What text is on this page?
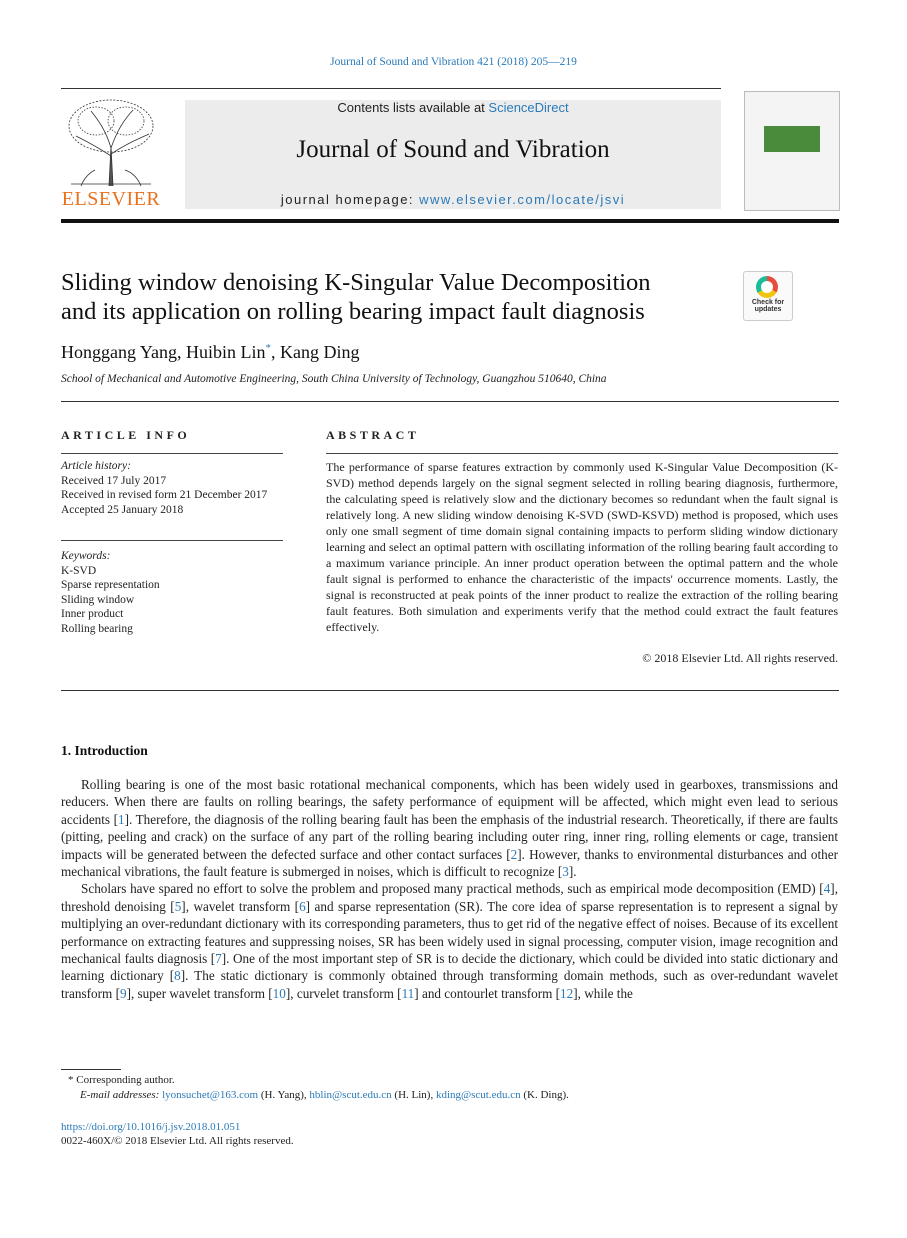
Journal of Sound and Vibration 421 (2018) 205—219
ELSEVIER
Contents lists available at ScienceDirect
Journal of Sound and Vibration
journal homepage: www.elsevier.com/locate/jsvi
Sliding window denoising K-Singular Value Decomposition
and its application on rolling bearing impact fault diagnosis	Check for updates
Honggang Yang, Huibin Lin*, Kang Ding
School of Mechanical and Automotive Engineering, South China University of Technology, Guangzhou 510640, China
ARTICLE INFO	ABSTRACT
Article history:
Received 17 July 2017
Received in revised form 21 December 2017
Accepted 25 January 2018
Keywords:
K-SVD
Sparse representation
Sliding window
Inner product
Rolling bearing
The performance of sparse features extraction by commonly used K-Singular Value Decomposition (K-SVD) method depends largely on the signal segment selected in rolling bearing diagnosis, furthermore, the calculating speed is relatively slow and the dictionary becomes so redundant when the fault signal is relatively long. A new sliding window denoising K-SVD (SWD-KSVD) method is proposed, which uses only one small segment of time domain signal containing impacts to perform sliding window dictionary learning and select an optimal pattern with oscillating information of the rolling bearing fault according to a maximum variance principle. An inner product operation between the optimal pattern and the whole fault signal is performed to enhance the characteristic of the impacts' occurrence moments. Lastly, the signal is reconstructed at peak points of the inner product to realize the extraction of the rolling bearing fault features. Both simulation and experiments verify that the method could extract the fault features effectively.
© 2018 Elsevier Ltd. All rights reserved.
1. Introduction

Rolling bearing is one of the most basic rotational mechanical components, which has been widely used in gearboxes, transmissions and reducers. When there are faults on rolling bearings, the safety performance of equipment will be affected, which might even lead to serious accidents [1]. Therefore, the diagnosis of the rolling bearing fault has been the emphasis of the industrial research. Theoretically, if there are faults (pitting, peeling and crack) on the surface of any part of the rolling bearing including outer ring, inner ring, rolling elements or cage, transient impacts will be generated between the defected surface and other contact surfaces [2]. However, thanks to environmental disturbances and other mechanical vibrations, the fault feature is submerged in noises, which is difficult to recognize [3].

Scholars have spared no effort to solve the problem and proposed many practical methods, such as empirical mode decomposition (EMD) [4], threshold denoising [5], wavelet transform [6] and sparse representation (SR). The core idea of sparse representation is to represent a signal by multiplying an over-redundant dictionary with its corresponding parameters, thus to get rid of the negative effect of noises. Because of its excellent performance on extracting features and suppressing noises, SR has been widely used in signal processing, computer vision, image recognition and mechanical faults diagnosis [7]. One of the most important step of SR is to decide the dictionary, which could be divided into static dictionary and learning dictionary [8]. The static dictionary is commonly obtained through transforming domain methods, such as over-redundant wavelet transform [9], super wavelet transform [10], curvelet transform [11] and contourlet transform [12], while the

* Corresponding author.
E-mail addresses: lyonsuchet@163.com (H. Yang), hblin@scut.edu.cn (H. Lin), kding@scut.edu.cn (K. Ding).
https://doi.org/10.1016/j.jsv.2018.01.051
0022-460X/© 2018 Elsevier Ltd. All rights reserved.
